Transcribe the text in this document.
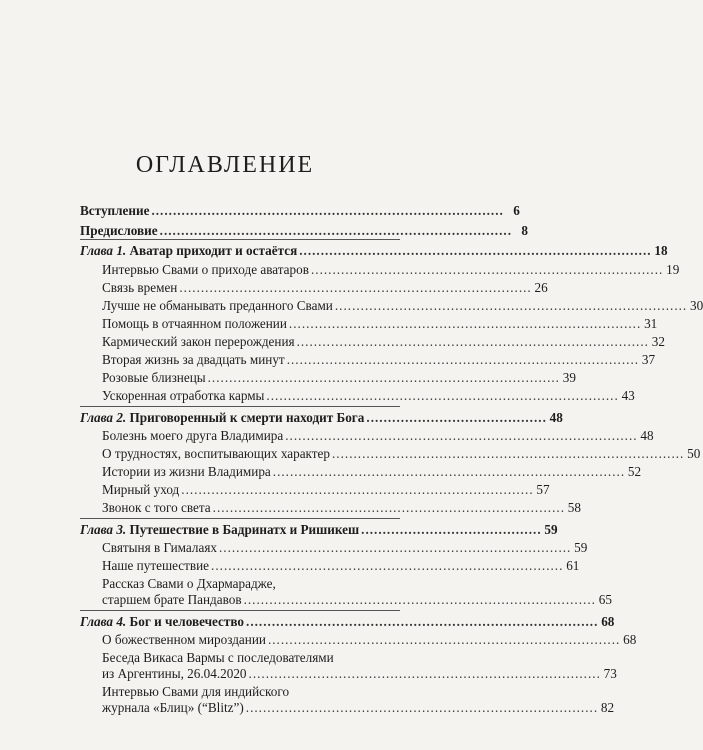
ОГЛАВЛЕНИЕ
Вступление .................................................................................. 6
Предисловие .................................................................................. 8
Глава 1. Аватар приходит и остаётся .................................................................................. 18
Интервью Свами о приходе аватаров .................................................................................. 19
Связь времен .................................................................................. 26
Лучше не обманывать преданного Свами .................................................................................. 30
Помощь в отчаянном положении .................................................................................. 31
Кармический закон перерождения .................................................................................. 32
Вторая жизнь за двадцать минут .................................................................................. 37
Розовые близнецы .................................................................................. 39
Ускоренная отработка кармы .................................................................................. 43
Глава 2. Приговоренный к смерти находит Бога .......................................... 48
Болезнь моего друга Владимира .................................................................................. 48
О трудностях, воспитывающих характер .................................................................................. 50
Истории из жизни Владимира .................................................................................. 52
Мирный уход .................................................................................. 57
Звонок с того света .................................................................................. 58
Глава 3. Путешествие в Бадринатх и Ришикеш .......................................... 59
Святыня в Гималаях .................................................................................. 59
Наше путешествие .................................................................................. 61
Рассказ Свами о Дхармарадже,
старшем брате Пандавов .................................................................................. 65
Глава 4. Бог и человечество .................................................................................. 68
О божественном мироздании .................................................................................. 68
Беседа Викаса Вармы с последователями
из Аргентины, 26.04.2020 .................................................................................. 73
Интервью Свами для индийского
журнала «Блиц» (“Blitz”) .................................................................................. 82
